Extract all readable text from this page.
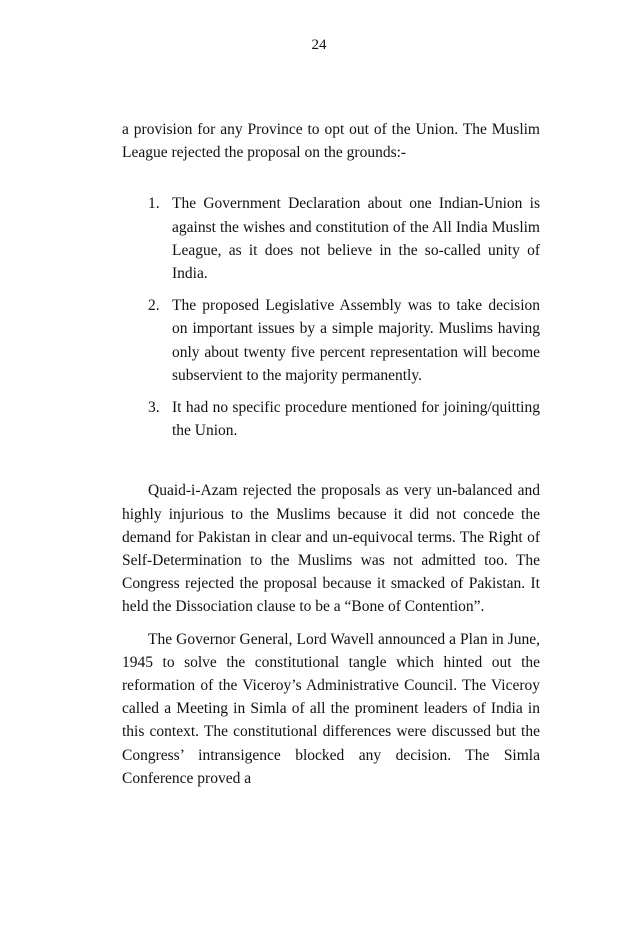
24

a provision for any Province to opt out of the Union. The Muslim League rejected the proposal on the grounds:-

1. The Government Declaration about one Indian-Union is against the wishes and constitution of the All India Muslim League, as it does not believe in the so-called unity of India.
2. The proposed Legislative Assembly was to take decision on important issues by a simple majority. Muslims having only about twenty five percent representation will become subservient to the majority permanently.
3. It had no specific procedure mentioned for joining/quitting the Union.

Quaid-i-Azam rejected the proposals as very un-balanced and highly injurious to the Muslims because it did not concede the demand for Pakistan in clear and un-equivocal terms. The Right of Self-Determination to the Muslims was not admitted too. The Congress rejected the proposal because it smacked of Pakistan. It held the Dissociation clause to be a “Bone of Contention”.

The Governor General, Lord Wavell announced a Plan in June, 1945 to solve the constitutional tangle which hinted out the reformation of the Viceroy’s Administrative Council. The Viceroy called a Meeting in Simla of all the prominent leaders of India in this context. The constitutional differences were discussed but the Congress’ intransigence blocked any decision. The Simla Conference proved a
